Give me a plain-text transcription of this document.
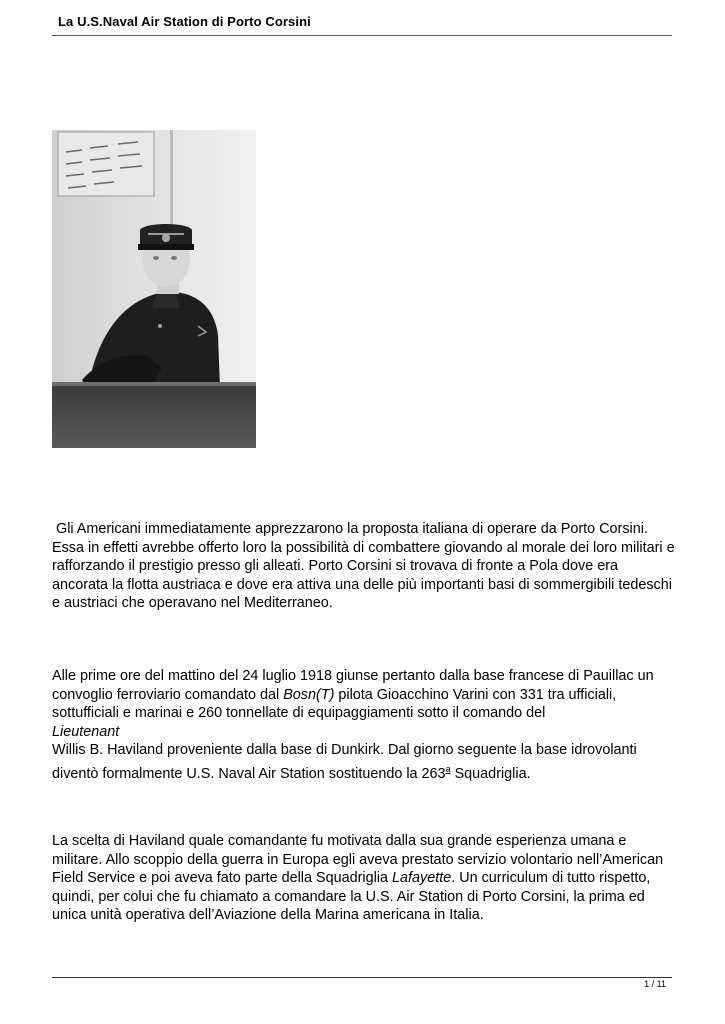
La U.S.Naval Air Station di Porto Corsini

Gli Americani immediatamente apprezzarono la proposta italiana di operare da Porto Corsini. Essa in effetti avrebbe offerto loro la possibilità di combattere giovando al morale dei loro militari e rafforzando il prestigio presso gli alleati. Porto Corsini si trovava di fronte a Pola dove era ancorata la flotta austriaca e dove era attiva una delle più importanti basi di sommergibili tedeschi e austriaci che operavano nel Mediterraneo.

Alle prime ore del mattino del 24 luglio 1918 giunse pertanto dalla base francese di Pauillac un convoglio ferroviario comandato dal Bosn(T) pilota Gioacchino Varini con 331 tra ufficiali, sottufficiali e marinai e 260 tonnellate di equipaggiamenti sotto il comando del
Lieutenant
Willis B. Haviland proveniente dalla base di Dunkirk. Dal giorno seguente la base idrovolanti diventò formalmente U.S. Naval Air Station sostituendo la 263$^a$ Squadriglia.

La scelta di Haviland quale comandante fu motivata dalla sua grande esperienza umana e militare. Allo scoppio della guerra in Europa egli aveva prestato servizio volontario nell’American Field Service e poi aveva fato parte della Squadriglia Lafayette. Un curriculum di tutto rispetto, quindi, per colui che fu chiamato a comandare la U.S. Air Station di Porto Corsini, la prima ed unica unità operativa dell’Aviazione della Marina americana in Italia.

1 / 11
